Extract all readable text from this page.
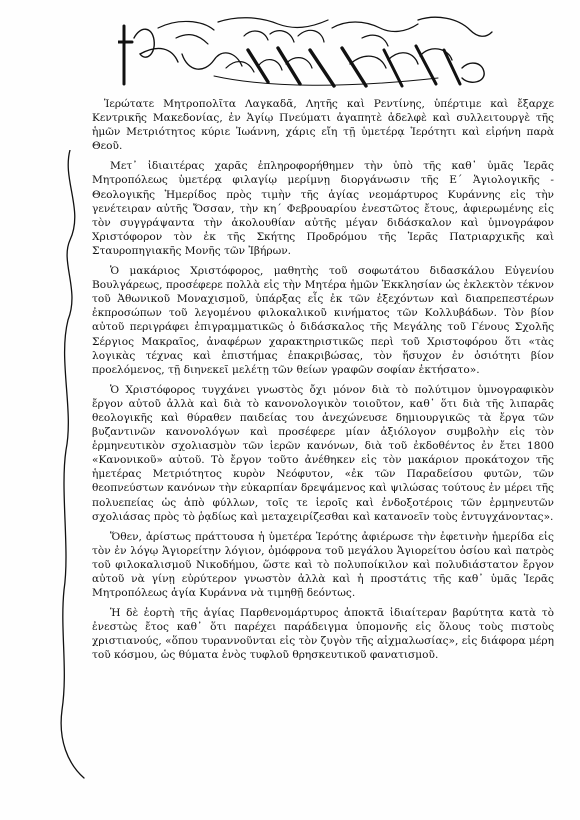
Ἱερώτατε Μητροπολῖτα Λαγκαδᾶ, Λητῆς καὶ Ρεντίνης, ὑπέρτιμε καὶ ἔξαρχε Κεντρικῆς Μακεδονίας, ἐν Ἁγίῳ Πνεύματι ἀγαπητὲ ἀδελφὲ καὶ συλλειτουργὲ τῆς ἡμῶν Μετριότητος κύριε Ἰωάννη, χάρις εἴη τῇ ὑμετέρᾳ Ἱερότητι καὶ εἰρήνη παρὰ Θεοῦ.

Μετ᾽ ἰδιαιτέρας χαρᾶς ἐπληροφορήθημεν τὴν ὑπὸ τῆς καθ᾽ ὑμᾶς Ἱερᾶς Μητροπόλεως ὑμετέρᾳ φιλαγίῳ μερίμνῃ διοργάνωσιν τῆς Ε´ Ἁγιολογικῆς - Θεολογικῆς Ἡμερίδος πρὸς τιμὴν τῆς ἁγίας νεομάρτυρος Κυράννης εἰς τὴν γενέτειραν αὐτῆς Ὄσσαν, τὴν κη´ Φεβρουαρίου ἐνεστῶτος ἔτους, ἀφιερωμένης εἰς τὸν συγγράψαντα τὴν ἀκολουθίαν αὐτῆς μέγαν διδάσκαλον καὶ ὑμνογράφον Χριστόφορον τὸν ἐκ τῆς Σκήτης Προδρόμου τῆς Ἱερᾶς Πατριαρχικῆς καὶ Σταυροπηγιακῆς Μονῆς τῶν Ἰβήρων.

Ὁ μακάριος Χριστόφορος, μαθητὴς τοῦ σοφωτάτου διδασκάλου Εὐγενίου Βουλγάρεως, προσέφερε πολλὰ εἰς τὴν Μητέρα ἡμῶν Ἐκκλησίαν ὡς ἐκλεκτὸν τέκνον τοῦ Ἀθωνικοῦ Μοναχισμοῦ, ὑπάρξας εἷς ἐκ τῶν ἐξεχόντων καὶ διαπρεπεστέρων ἐκπροσώπων τοῦ λεγομένου φιλοκαλικοῦ κινήματος τῶν Κολλυβάδων. Τὸν βίον αὐτοῦ περιγράφει ἐπιγραμματικῶς ὁ διδάσκαλος τῆς Μεγάλης τοῦ Γένους Σχολῆς Σέργιος Μακραῖος, ἀναφέρων χαρακτηριστικῶς περὶ τοῦ Χριστοφόρου ὅτι «τὰς λογικὰς τέχνας καὶ ἐπιστήμας ἐπακριβώσας, τὸν ἥσυχον ἐν ὁσιότητι βίον προελόμενος, τῇ διηνεκεῖ μελέτῃ τῶν θείων γραφῶν σοφίαν ἐκτήσατο».

Ὁ Χριστόφορος τυγχάνει γνωστὸς ὄχι μόνον διὰ τὸ πολύτιμον ὑμνογραφικὸν ἔργον αὐτοῦ ἀλλὰ καὶ διὰ τὸ κανονολογικὸν τοιοῦτον, καθ᾽ ὅτι διὰ τῆς λιπαρᾶς θεολογικῆς καὶ θύραθεν παιδείας του ἀνεχώνευσε δημιουργικῶς τὰ ἔργα τῶν βυζαντινῶν κανονολόγων καὶ προσέφερε μίαν ἀξιόλογον συμβολὴν εἰς τὸν ἑρμηνευτικὸν σχολιασμὸν τῶν ἱερῶν κανόνων, διὰ τοῦ ἐκδοθέντος ἐν ἔτει 1800 «Κανονικοῦ» αὐτοῦ. Τὸ ἔργον τοῦτο ἀνέθηκεν εἰς τὸν μακάριον προκάτοχον τῆς ἡμετέρας Μετριότητος κυρὸν Νεόφυτον, «ἐκ τῶν Παραδείσου φυτῶν, τῶν θεοπνεύστων κανόνων τὴν εὐκαρπίαν δρεψάμενος καὶ ψιλώσας τούτους ἐν μέρει τῆς πολυεπείας ὡς ἀπὸ φύλλων, τοῖς τε ἱεροῖς καὶ ἐνδοξοτέροις τῶν ἑρμηνευτῶν σχολιάσας πρὸς τὸ ῥᾳδίως καὶ μεταχειρίζεσθαι καὶ κατανοεῖν τοὺς ἐντυγχάνοντας».

Ὅθεν, ἀρίστως πράττουσα ἡ ὑμετέρα Ἱερότης ἀφιέρωσε τὴν ἐφετινὴν ἡμερίδα εἰς τὸν ἐν λόγῳ Ἁγιορείτην λόγιον, ὁμόφρονα τοῦ μεγάλου Ἁγιορείτου ὁσίου καὶ πατρὸς τοῦ φιλοκαλισμοῦ Νικοδήμου, ὥστε καὶ τὸ πολυποίκιλον καὶ πολυδιάστατον ἔργον αὐτοῦ νὰ γίνῃ εὐρύτερον γνωστὸν ἀλλὰ καὶ ἡ προστάτις τῆς καθ᾽ ὑμᾶς Ἱερᾶς Μητροπόλεως ἁγία Κυράννα νὰ τιμηθῇ δεόντως.

Ἡ δὲ ἑορτὴ τῆς ἁγίας Παρθενομάρτυρος ἀποκτᾶ ἰδιαίτεραν βαρύτητα κατὰ τὸ ἐνεστὼς ἔτος καθ᾽ ὅτι παρέχει παράδειγμα ὑπομονῆς εἰς ὅλους τοὺς πιστοὺς χριστιανούς, «ὅπου τυραννοῦνται εἰς τὸν ζυγὸν τῆς αἰχμαλωσίας», εἰς διάφορα μέρη τοῦ κόσμου, ὡς θύματα ἑνὸς τυφλοῦ θρησκευτικοῦ φανατισμοῦ.
